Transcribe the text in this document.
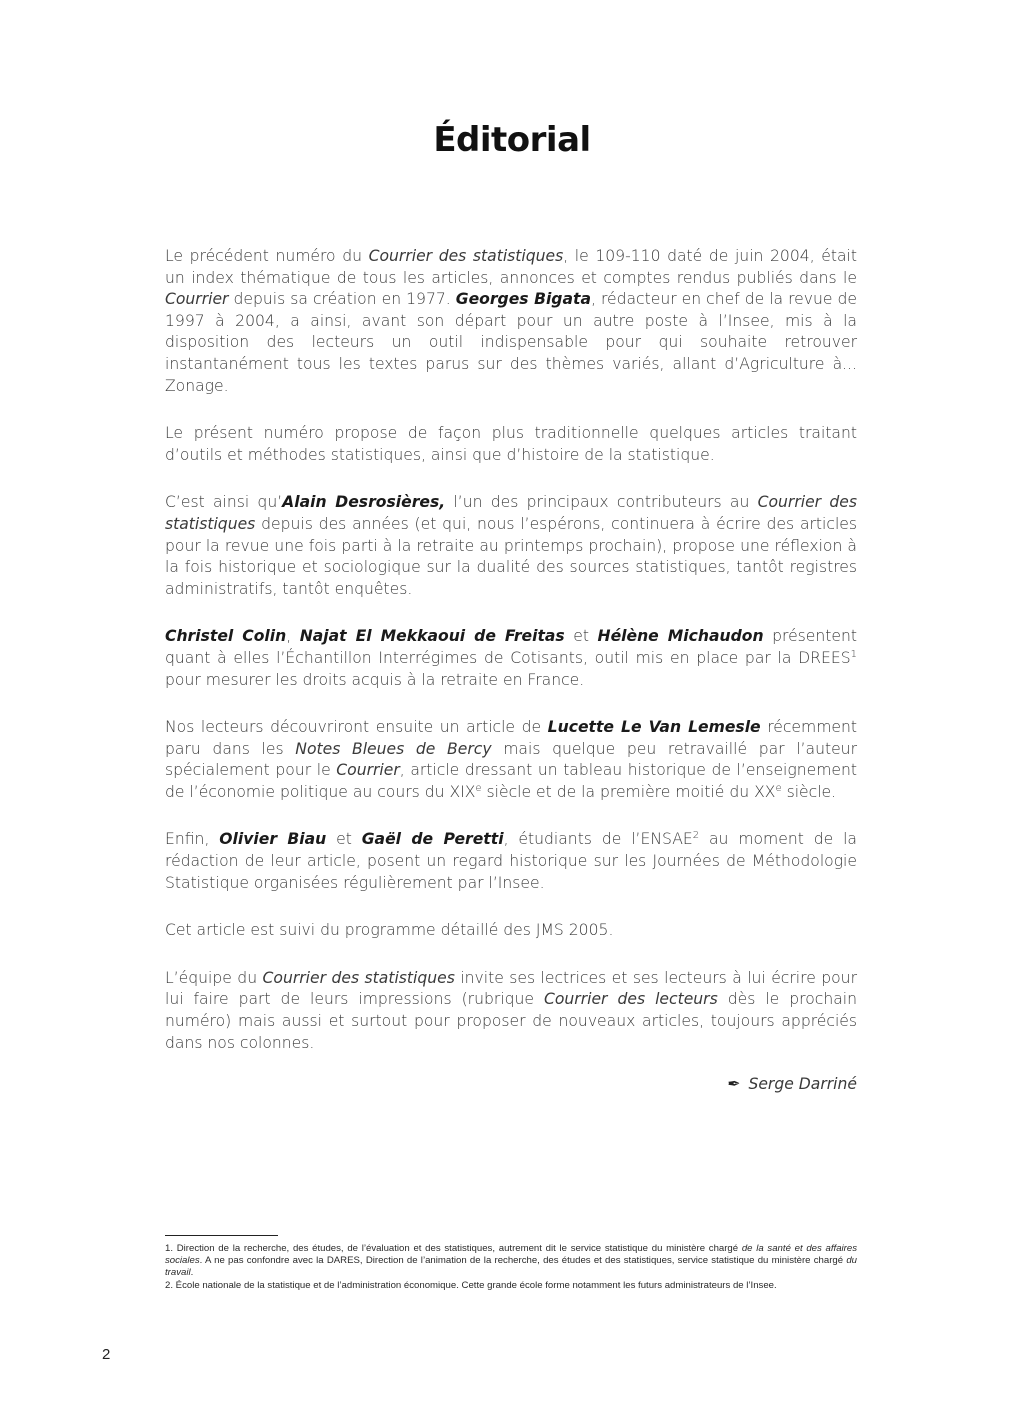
Éditorial

Le précédent numéro du Courrier des statistiques, le 109-110 daté de juin 2004, était un index thématique de tous les articles, annonces et comptes rendus publiés dans le Courrier depuis sa création en 1977. Georges Bigata, rédacteur en chef de la revue de 1997 à 2004, a ainsi, avant son départ pour un autre poste à l’Insee, mis à la disposition des lecteurs un outil indispensable pour qui souhaite retrouver instantanément tous les textes parus sur des thèmes variés, allant d’Agriculture à... Zonage.

Le présent numéro propose de façon plus traditionnelle quelques articles traitant d’outils et méthodes statistiques, ainsi que d’histoire de la statistique.

C’est ainsi qu’Alain Desrosières, l’un des principaux contributeurs au Courrier des statistiques depuis des années (et qui, nous l’espérons, continuera à écrire des articles pour la revue une fois parti à la retraite au printemps prochain), propose une réflexion à la fois historique et sociologique sur la dualité des sources statistiques, tantôt registres administratifs, tantôt enquêtes.

Christel Colin, Najat El Mekkaoui de Freitas et Hélène Michaudon présentent quant à elles l’Échantillon Interrégimes de Cotisants, outil mis en place par la DREES$^1$ pour mesurer les droits acquis à la retraite en France.

Nos lecteurs découvriront ensuite un article de Lucette Le Van Lemesle récemment paru dans les Notes Bleues de Bercy mais quelque peu retravaillé par l’auteur spécialement pour le Courrier, article dressant un tableau historique de l’enseignement de l’économie politique au cours du XIXe siècle et de la première moitié du XXe siècle.

Enfin, Olivier Biau et Gaël de Peretti, étudiants de l’ENSAE$^2$ au moment de la rédaction de leur article, posent un regard historique sur les Journées de Méthodologie Statistique organisées régulièrement par l’Insee.

Cet article est suivi du programme détaillé des JMS 2005.

L’équipe du Courrier des statistiques invite ses lectrices et ses lecteurs à lui écrire pour lui faire part de leurs impressions (rubrique Courrier des lecteurs dès le prochain numéro) mais aussi et surtout pour proposer de nouveaux articles, toujours appréciés dans nos colonnes.

✒ Serge Darriné

1. Direction de la recherche, des études, de l’évaluation et des statistiques, autrement dit le service statistique du ministère chargé de la santé et des affaires sociales. A ne pas confondre avec la DARES, Direction de l’animation de la recherche, des études et des statistiques, service statistique du ministère chargé du travail.

2. École nationale de la statistique et de l’administration économique. Cette grande école forme notamment les futurs administrateurs de l’Insee.

2
